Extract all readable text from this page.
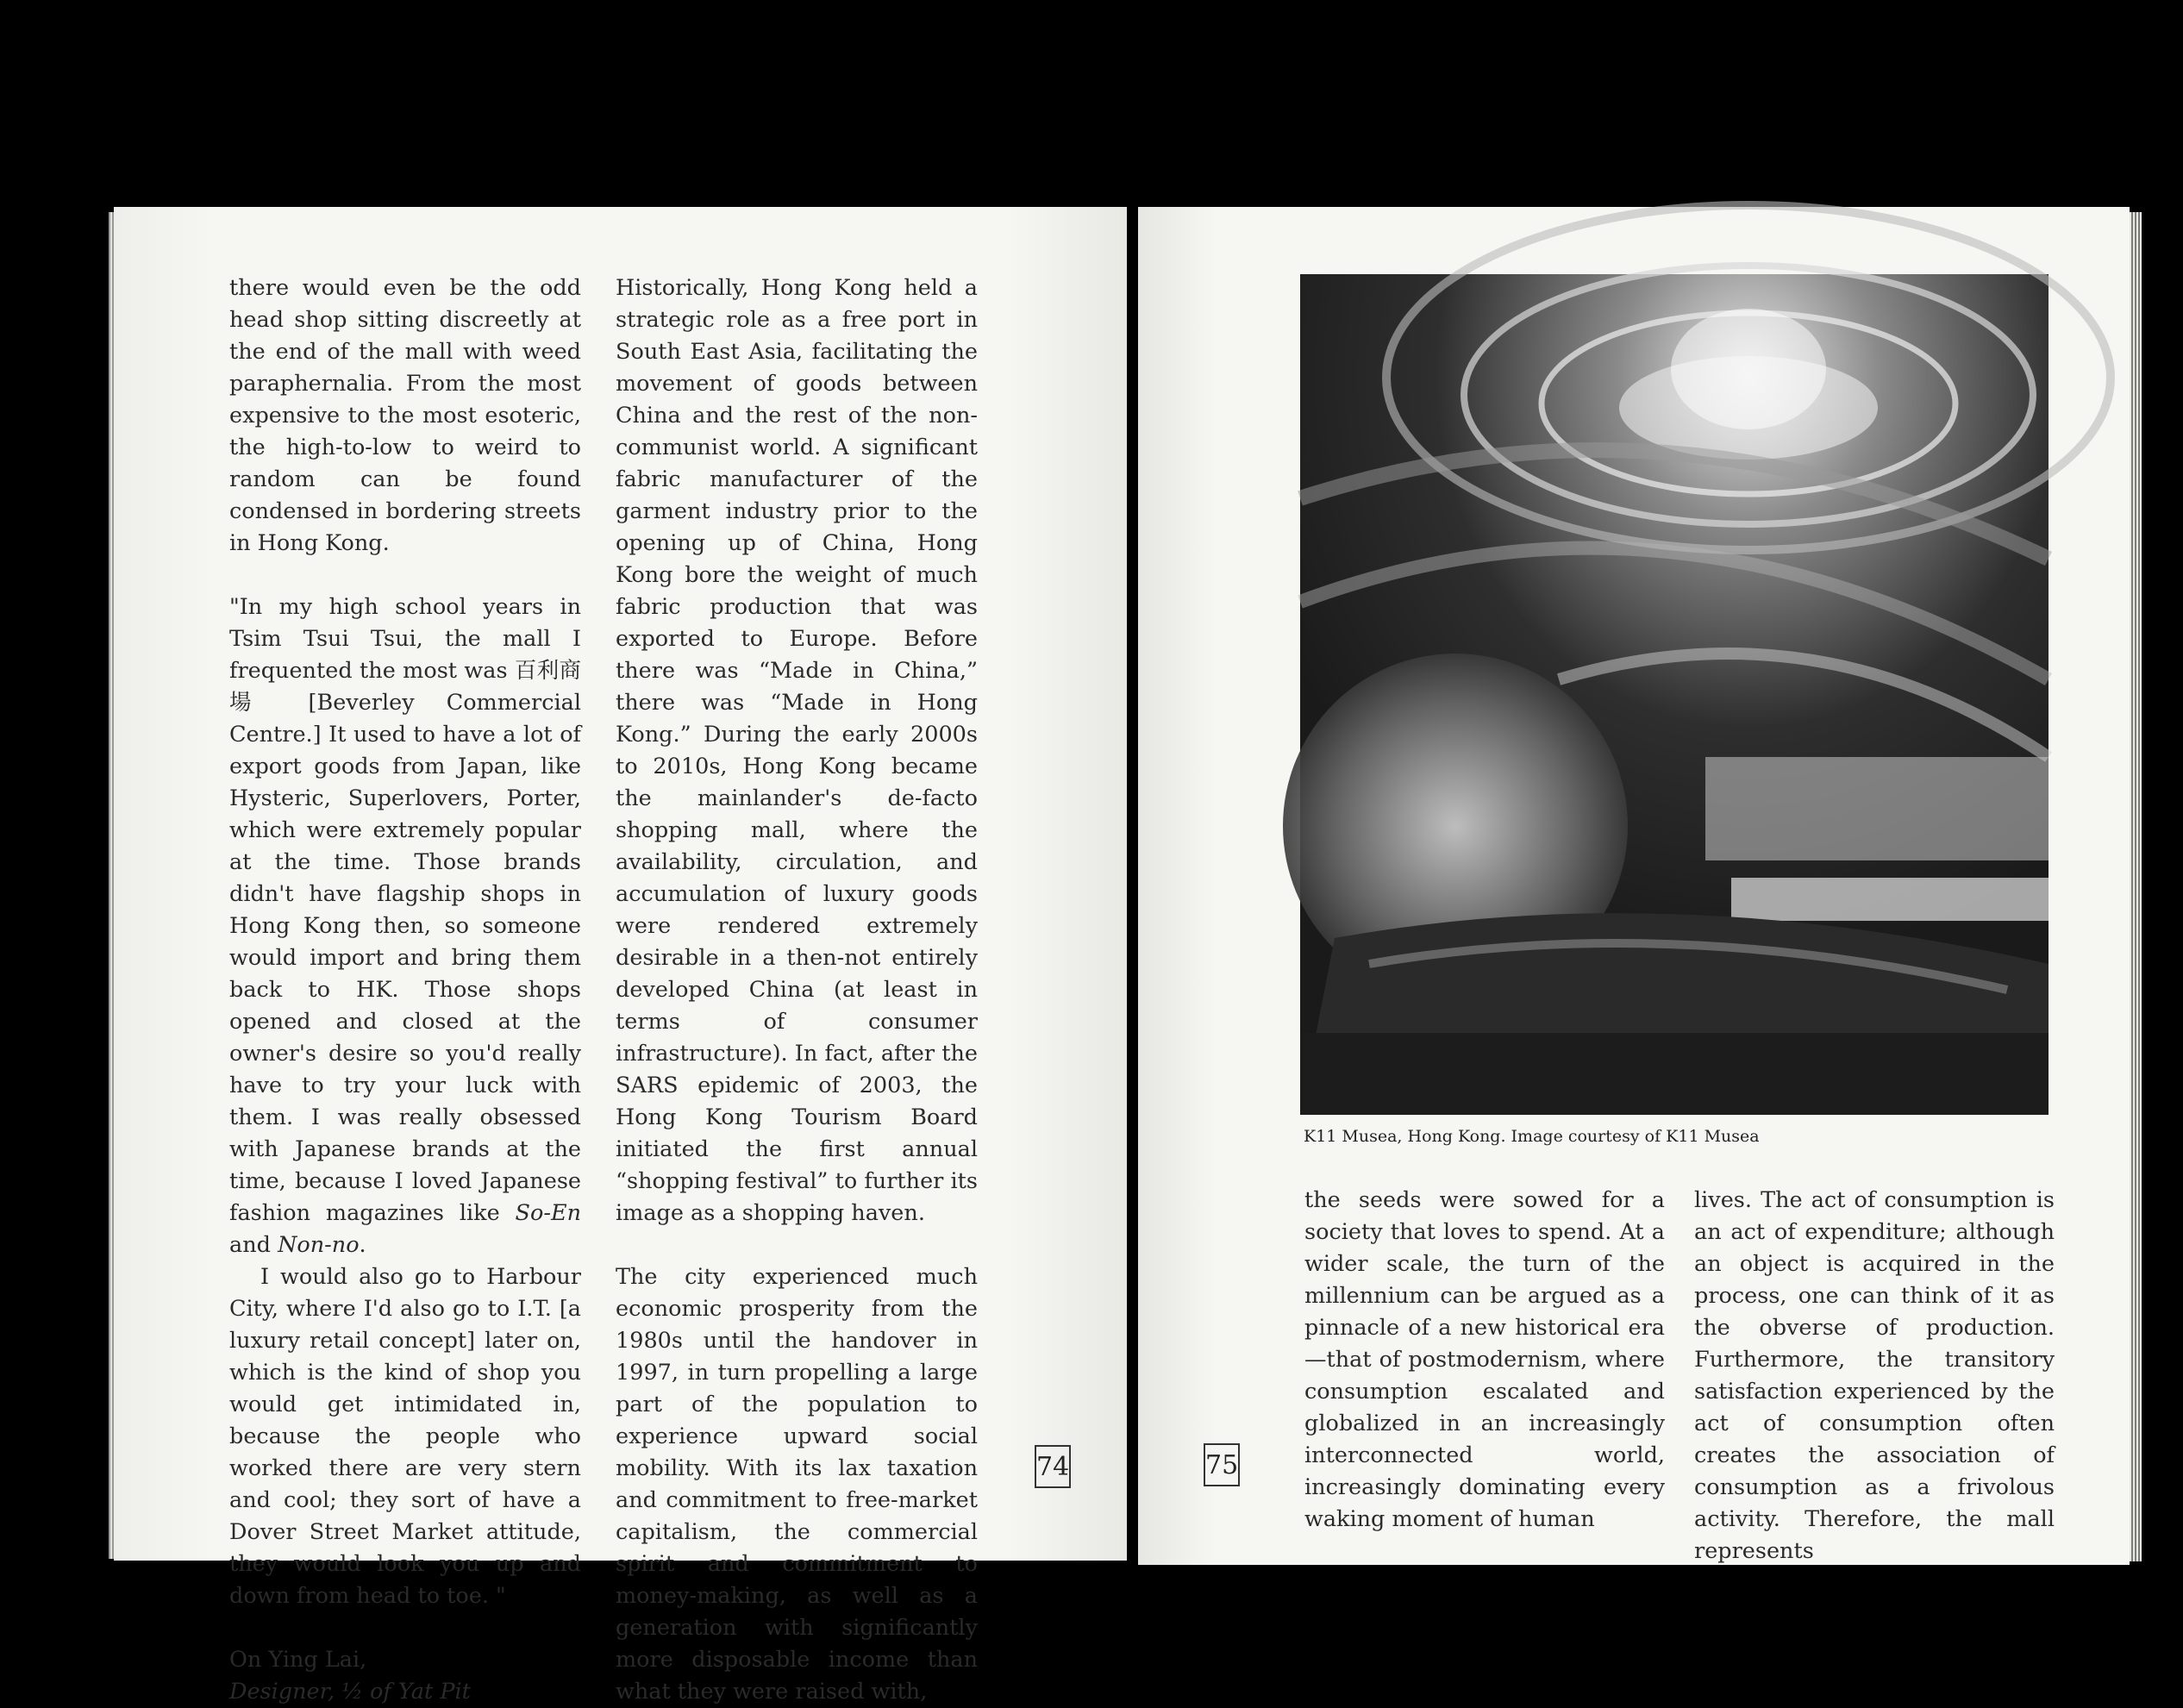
there would even be the odd head shop sitting discreetly at the end of the mall with weed paraphernalia. From the most expensive to the most esoteric, the high-to-low to weird to random can be found condensed in bordering streets in Hong Kong.

"In my high school years in Tsim Tsui Tsui, the mall I frequented the most was 百利商場 [Beverley Commercial Centre.] It used to have a lot of export goods from Japan, like Hysteric, Superlovers, Porter, which were extremely popular at the time. Those brands didn't have flagship shops in Hong Kong then, so someone would import and bring them back to HK. Those shops opened and closed at the owner's desire so you'd really have to try your luck with them. I was really obsessed with Japanese brands at the time, because I loved Japanese fashion magazines like So-En and Non-no.

I would also go to Harbour City, where I'd also go to I.T. [a luxury retail concept] later on, which is the kind of shop you would get intimidated in, because the people who worked there are very stern and cool; they sort of have a Dover Street Market attitude, they would look you up and down from head to toe. "

On Ying Lai,

Designer, ½ of Yat Pit

Historically, Hong Kong held a strategic role as a free port in South East Asia, facilitating the movement of goods between China and the rest of the non-communist world. A significant fabric manufacturer of the garment industry prior to the opening up of China, Hong Kong bore the weight of much fabric production that was exported to Europe. Before there was “Made in China,” there was “Made in Hong Kong.” During the early 2000s to 2010s, Hong Kong became the mainlander's de-facto shopping mall, where the availability, circulation, and accumulation of luxury goods were rendered extremely desirable in a then-not entirely developed China (at least in terms of consumer infrastructure). In fact, after the SARS epidemic of 2003, the Hong Kong Tourism Board initiated the first annual “shopping festival” to further its image as a shopping haven.

The city experienced much economic prosperity from the 1980s until the handover in 1997, in turn propelling a large part of the population to experience upward social mobility. With its lax taxation and commitment to free-market capitalism, the commercial spirit and commitment to money-making, as well as a generation with significantly more disposable income than what they were raised with,

74	75
K11 Musea, Hong Kong. Image courtesy of K11 Musea

the seeds were sowed for a society that loves to spend. At a wider scale, the turn of the millennium can be argued as a pinnacle of a new historical era—that of postmodernism, where consumption escalated and globalized in an increasingly interconnected world, increasingly dominating every waking moment of human

lives. The act of consumption is an act of expenditure; although an object is acquired in the process, one can think of it as the obverse of production. Furthermore, the transitory satisfaction experienced by the act of consumption often creates the association of consumption as a frivolous activity. Therefore, the mall represents
